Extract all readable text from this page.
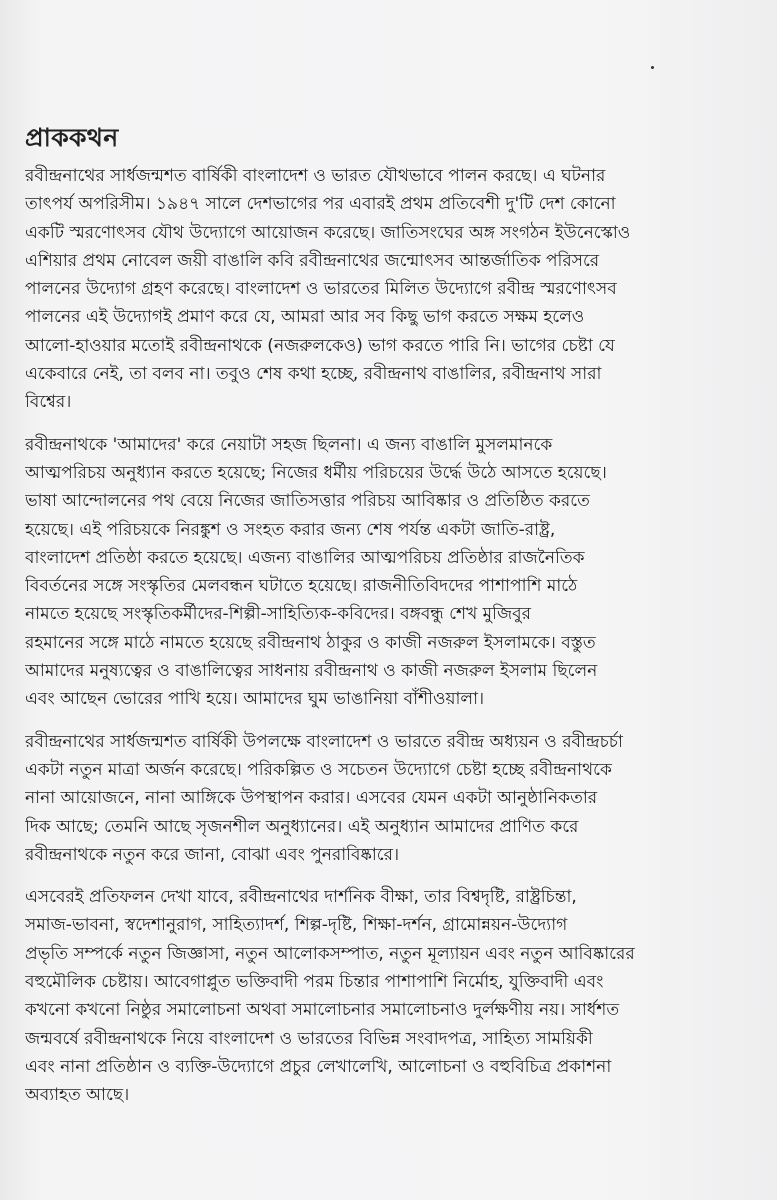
প্রাককথন
রবীন্দ্রনাথের সার্ধজন্মশত বার্ষিকী বাংলাদেশ ও ভারত যৌথভাবে পালন করছে। এ ঘটনার
তাৎপর্য অপরিসীম। ১৯৪৭ সালে দেশভাগের পর এবারই প্রথম প্রতিবেশী দু'টি দেশ কোনো
একটি স্মরণোৎসব যৌথ উদ্যোগে আয়োজন করেছে। জাতিসংঘের অঙ্গ সংগঠন ইউনেস্কোও
এশিয়ার প্রথম নোবেল জয়ী বাঙালি কবি রবীন্দ্রনাথের জন্মোৎসব আন্তর্জাতিক পরিসরে
পালনের উদ্যোগ গ্রহণ করেছে। বাংলাদেশ ও ভারতের মিলিত উদ্যোগে রবীন্দ্র স্মরণোৎসব
পালনের এই উদ্যোগই প্রমাণ করে যে, আমরা আর সব কিছু ভাগ করতে সক্ষম হলেও
আলো-হাওয়ার মতোই রবীন্দ্রনাথকে (নজরুলকেও) ভাগ করতে পারি নি। ভাগের চেষ্টা যে
একেবারে নেই, তা বলব না। তবুও শেষ কথা হচ্ছে, রবীন্দ্রনাথ বাঙালির, রবীন্দ্রনাথ সারা
বিশ্বের।
রবীন্দ্রনাথকে 'আমাদের' করে নেয়াটা সহজ ছিলনা। এ জন্য বাঙালি মুসলমানকে
আত্মপরিচয় অনুধ্যান করতে হয়েছে; নিজের ধর্মীয় পরিচয়ের উর্দ্ধে উঠে আসতে হয়েছে।
ভাষা আন্দোলনের পথ বেয়ে নিজের জাতিসত্তার পরিচয় আবিষ্কার ও প্রতিষ্ঠিত করতে
হয়েছে। এই পরিচয়কে নিরঙ্কুশ ও সংহত করার জন্য শেষ পর্যন্ত একটা জাতি-রাষ্ট্র,
বাংলাদেশ প্রতিষ্ঠা করতে হয়েছে। এজন্য বাঙালির আত্মপরিচয় প্রতিষ্ঠার রাজনৈতিক
বিবর্তনের সঙ্গে সংস্কৃতির মেলবন্ধন ঘটাতে হয়েছে। রাজনীতিবিদদের পাশাপাশি মাঠে
নামতে হয়েছে সংস্কৃতিকর্মীদের-শিল্পী-সাহিত্যিক-কবিদের। বঙ্গবন্ধু শেখ মুজিবুর
রহমানের সঙ্গে মাঠে নামতে হয়েছে রবীন্দ্রনাথ ঠাকুর ও কাজী নজরুল ইসলামকে। বস্তুত
আমাদের মনুষ্যত্বের ও বাঙালিত্বের সাধনায় রবীন্দ্রনাথ ও কাজী নজরুল ইসলাম ছিলেন
এবং আছেন ভোরের পাখি হয়ে। আমাদের ঘুম ভাঙানিয়া বাঁশীওয়ালা।
রবীন্দ্রনাথের সার্ধজন্মশত বার্ষিকী উপলক্ষে বাংলাদেশ ও ভারতে রবীন্দ্র অধ্যয়ন ও রবীন্দ্রচর্চা
একটা নতুন মাত্রা অর্জন করেছে। পরিকল্পিত ও সচেতন উদ্যোগে চেষ্টা হচ্ছে রবীন্দ্রনাথকে
নানা আয়োজনে, নানা আঙ্গিকে উপস্থাপন করার। এসবের যেমন একটা আনুষ্ঠানিকতার
দিক আছে; তেমনি আছে সৃজনশীল অনুধ্যানের। এই অনুধ্যান আমাদের প্রাণিত করে
রবীন্দ্রনাথকে নতুন করে জানা, বোঝা এবং পুনরাবিষ্কারে।
এসবেরই প্রতিফলন দেখা যাবে, রবীন্দ্রনাথের দার্শনিক বীক্ষা, তার বিশ্বদৃষ্টি, রাষ্ট্রচিন্তা,
সমাজ-ভাবনা, স্বদেশানুরাগ, সাহিত্যাদর্শ, শিল্প-দৃষ্টি, শিক্ষা-দর্শন, গ্রামোন্নয়ন-উদ্যোগ
প্রভৃতি সম্পর্কে নতুন জিজ্ঞাসা, নতুন আলোকসম্পাত, নতুন মূল্যায়ন এবং নতুন আবিষ্কারের
বহুমৌলিক চেষ্টায়। আবেগাপ্লুত ভক্তিবাদী পরম চিন্তার পাশাপাশি নির্মোহ, যুক্তিবাদী এবং
কখনো কখনো নিষ্ঠুর সমালোচনা অথবা সমালোচনার সমালোচনাও দুর্লক্ষণীয় নয়। সার্ধশত
জন্মবর্ষে রবীন্দ্রনাথকে নিয়ে বাংলাদেশ ও ভারতের বিভিন্ন সংবাদপত্র, সাহিত্য সাময়িকী
এবং নানা প্রতিষ্ঠান ও ব্যক্তি-উদ্যোগে প্রচুর লেখালেখি, আলোচনা ও বহুবিচিত্র প্রকাশনা
অব্যাহত আছে।
